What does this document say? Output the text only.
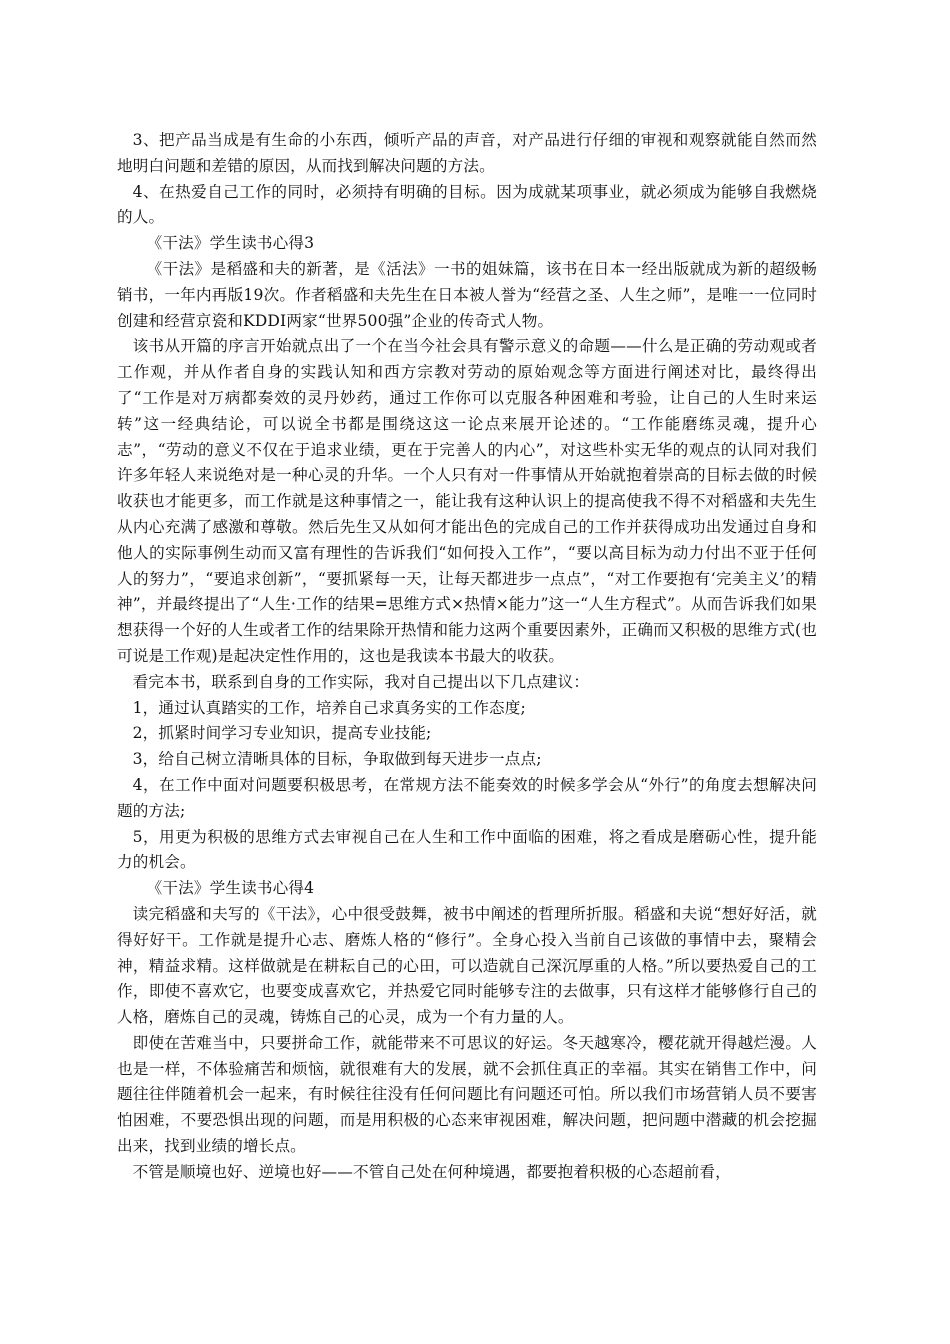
3、把产品当成是有生命的小东西，倾听产品的声音，对产品进行仔细的审视和观察就能自然而然地明白问题和差错的原因，从而找到解决问题的方法。

4、在热爱自己工作的同时，必须持有明确的目标。因为成就某项事业，就必须成为能够自我燃烧的人。

《干法》学生读书心得3

《干法》是稻盛和夫的新著，是《活法》一书的姐妹篇，该书在日本一经出版就成为新的超级畅销书，一年内再版19次。作者稻盛和夫先生在日本被人誉为“经营之圣、人生之师”，是唯一一位同时创建和经营京瓷和KDDI两家“世界500强”企业的传奇式人物。

该书从开篇的序言开始就点出了一个在当今社会具有警示意义的命题——什么是正确的劳动观或者工作观，并从作者自身的实践认知和西方宗教对劳动的原始观念等方面进行阐述对比，最终得出了“工作是对万病都奏效的灵丹妙药，通过工作你可以克服各种困难和考验，让自己的人生时来运转”这一经典结论，可以说全书都是围绕这这一论点来展开论述的。“工作能磨练灵魂，提升心志”，“劳动的意义不仅在于追求业绩，更在于完善人的内心”，对这些朴实无华的观点的认同对我们许多年轻人来说绝对是一种心灵的升华。一个人只有对一件事情从开始就抱着崇高的目标去做的时候收获也才能更多，而工作就是这种事情之一，能让我有这种认识上的提高使我不得不对稻盛和夫先生从内心充满了感激和尊敬。然后先生又从如何才能出色的完成自己的工作并获得成功出发通过自身和他人的实际事例生动而又富有理性的告诉我们“如何投入工作”，“要以高目标为动力付出不亚于任何人的努力”，“要追求创新”，“要抓紧每一天，让每天都进步一点点”，“对工作要抱有‘完美主义’的精神”，并最终提出了“人生·工作的结果=思维方式×热情×能力”这一“人生方程式”。从而告诉我们如果想获得一个好的人生或者工作的结果除开热情和能力这两个重要因素外，正确而又积极的思维方式(也可说是工作观)是起决定性作用的，这也是我读本书最大的收获。

看完本书，联系到自身的工作实际，我对自己提出以下几点建议：

1，通过认真踏实的工作，培养自己求真务实的工作态度;

2，抓紧时间学习专业知识，提高专业技能;

3，给自己树立清晰具体的目标，争取做到每天进步一点点;

4，在工作中面对问题要积极思考，在常规方法不能奏效的时候多学会从“外行”的角度去想解决问题的方法;

5，用更为积极的思维方式去审视自己在人生和工作中面临的困难，将之看成是磨砺心性，提升能力的机会。

《干法》学生读书心得4

读完稻盛和夫写的《干法》，心中很受鼓舞，被书中阐述的哲理所折服。稻盛和夫说“想好好活，就得好好干。工作就是提升心志、磨炼人格的“修行”。全身心投入当前自己该做的事情中去，聚精会神，精益求精。这样做就是在耕耘自己的心田，可以造就自己深沉厚重的人格。”所以要热爱自己的工作，即使不喜欢它，也要变成喜欢它，并热爱它同时能够专注的去做事，只有这样才能够修行自己的人格，磨炼自己的灵魂，铸炼自己的心灵，成为一个有力量的人。

即使在苦难当中，只要拼命工作，就能带来不可思议的好运。冬天越寒冷，樱花就开得越烂漫。人也是一样，不体验痛苦和烦恼，就很难有大的发展，就不会抓住真正的幸福。其实在销售工作中，问题往往伴随着机会一起来，有时候往往没有任何问题比有问题还可怕。所以我们市场营销人员不要害怕困难，不要恐惧出现的问题，而是用积极的心态来审视困难，解决问题，把问题中潜藏的机会挖掘出来，找到业绩的增长点。

不管是顺境也好、逆境也好——不管自己处在何种境遇，都要抱着积极的心态超前看，
